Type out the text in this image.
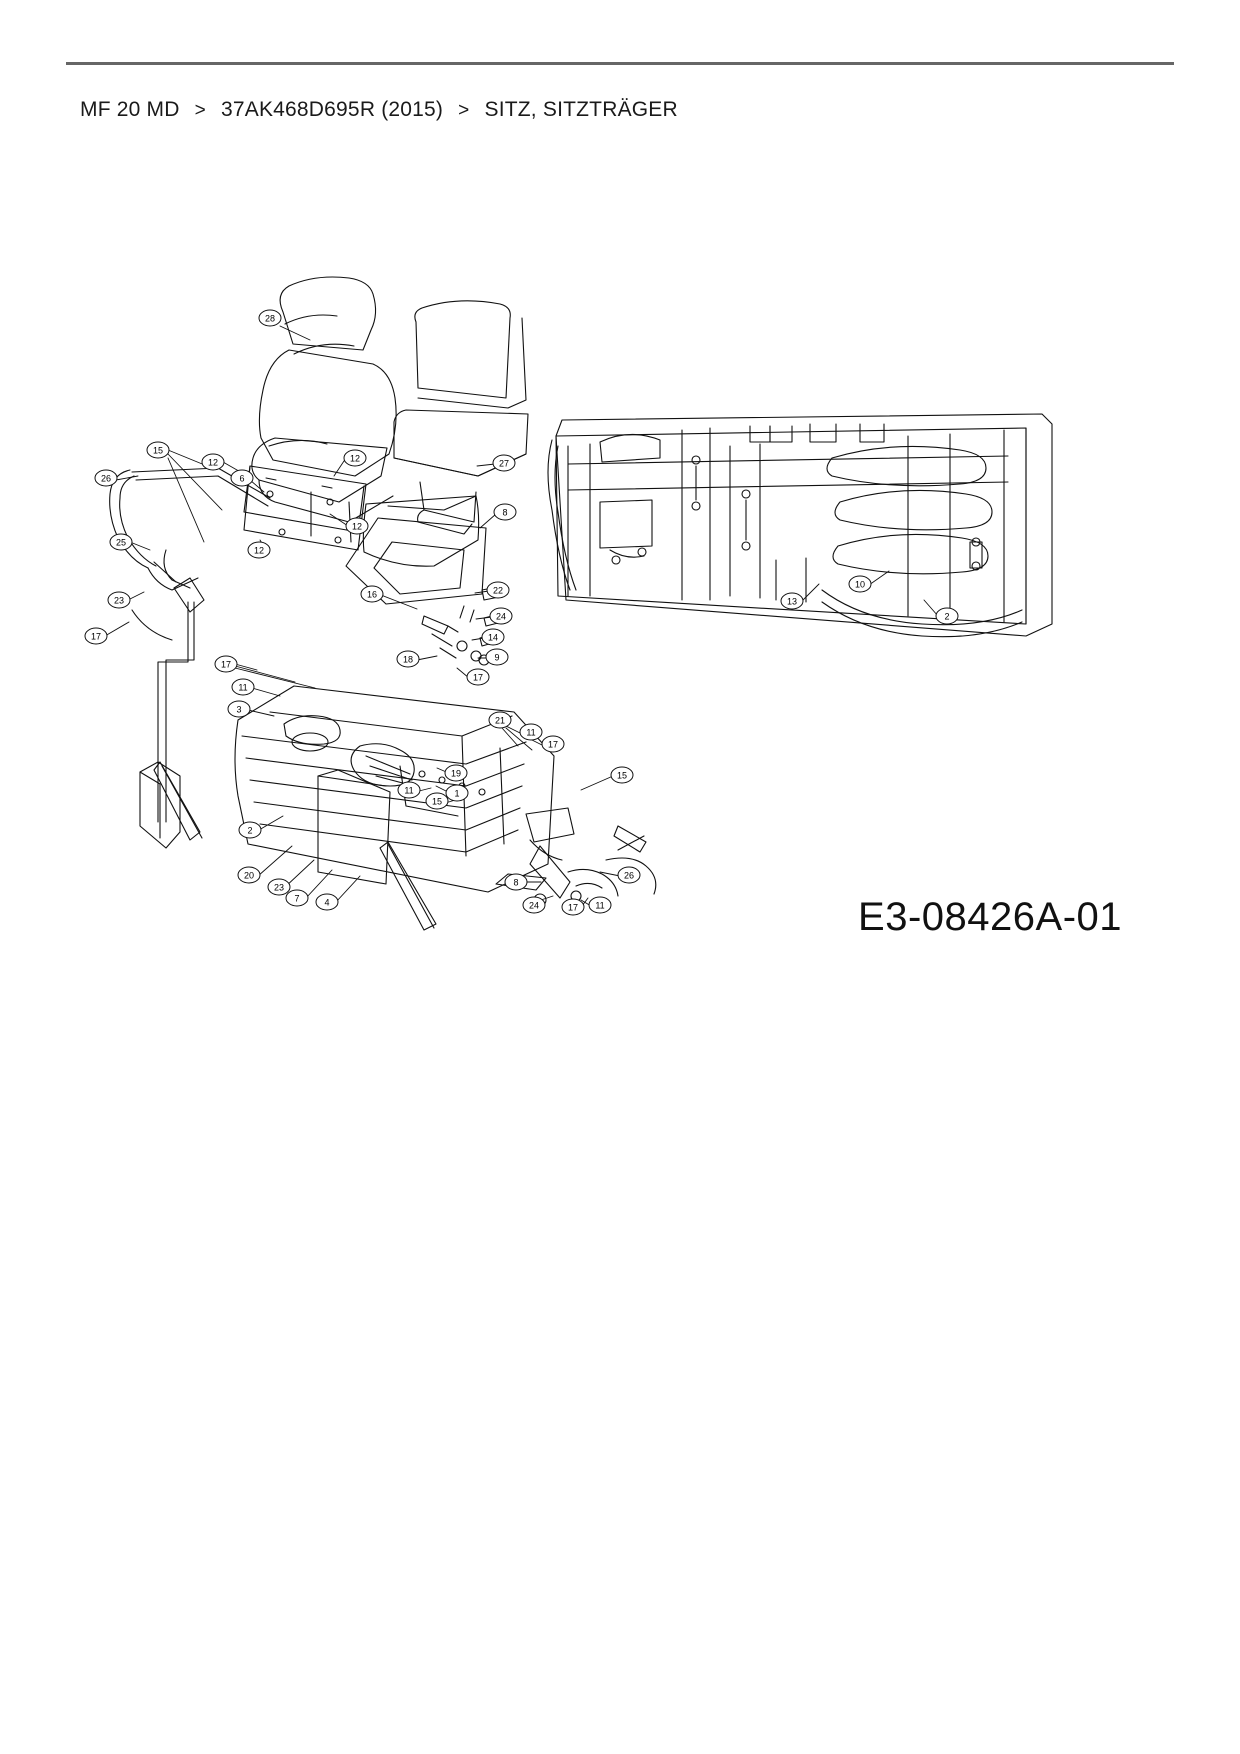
MF 20 MD > 37AK468D695R (2015) > SITZ, SITZTRÄGER
28
15
12	12
6
26
12
25
12
27
8
23
17
16	22
24
14
9
18
17
17
11
3
21
11
17
19
1
11
15
15
2
20
23
7	4
8
26
24	17 11
13
10
2
E3-08426A-01
